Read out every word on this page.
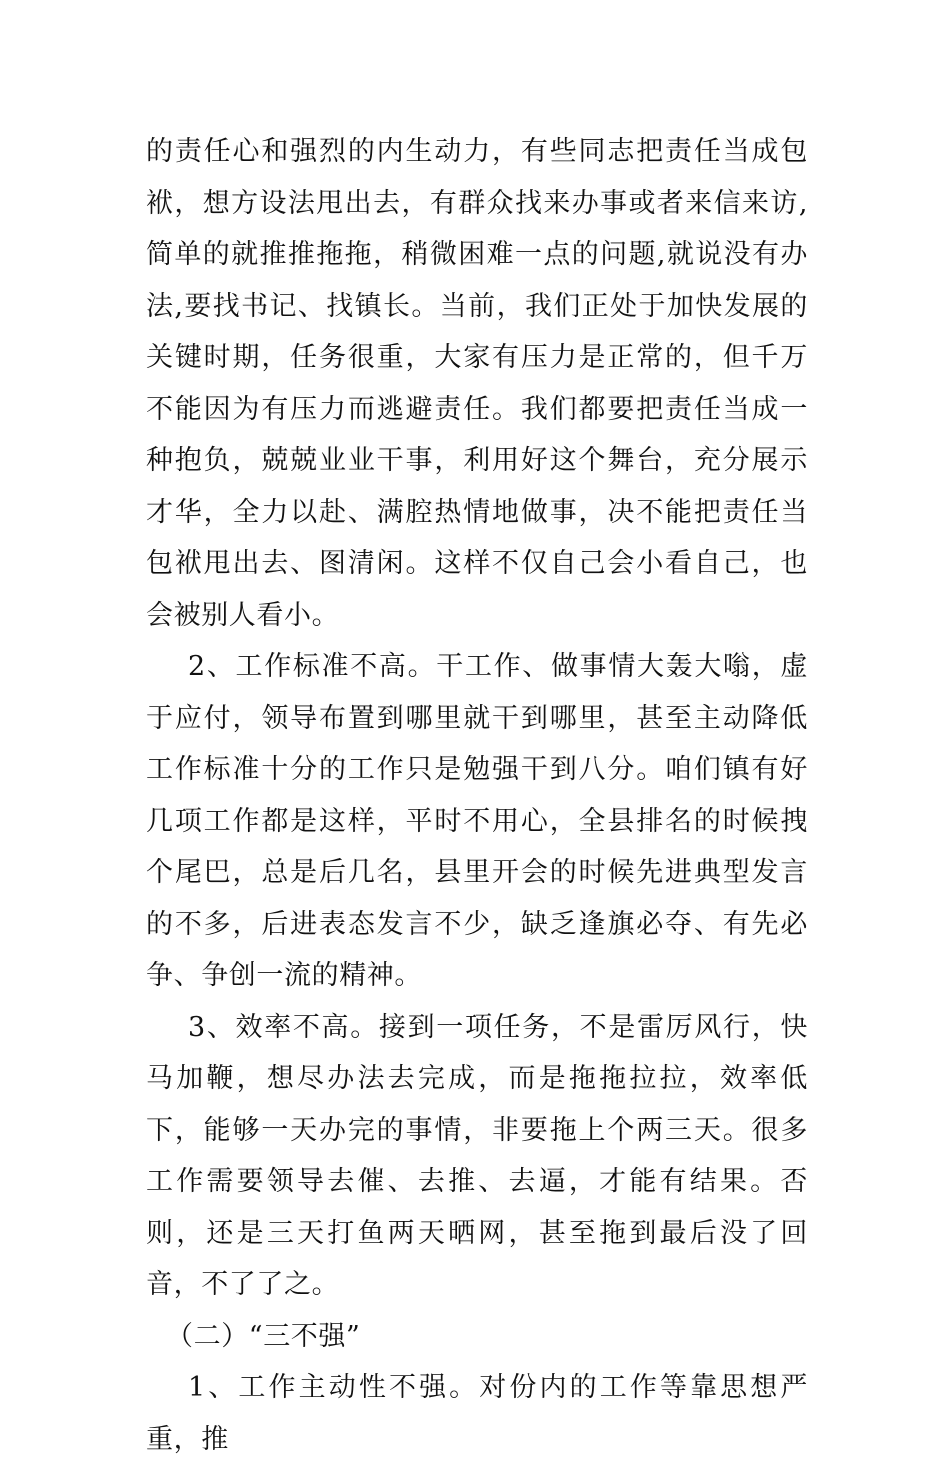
的责任心和强烈的内生动力，有些同志把责任当成包袱，想方设法甩出去，有群众找来办事或者来信来访,简单的就推推拖拖，稍微困难一点的问题,就说没有办法,要找书记、找镇长。当前，我们正处于加快发展的关键时期，任务很重，大家有压力是正常的，但千万不能因为有压力而逃避责任。我们都要把责任当成一种抱负，兢兢业业干事，利用好这个舞台，充分展示才华，全力以赴、满腔热情地做事，决不能把责任当包袱甩出去、图清闲。这样不仅自己会小看自己，也会被别人看小。

2、工作标准不高。干工作、做事情大轰大嗡，虚于应付，领导布置到哪里就干到哪里，甚至主动降低工作标准十分的工作只是勉强干到八分。咱们镇有好几项工作都是这样，平时不用心，全县排名的时候拽个尾巴，总是后几名，县里开会的时候先进典型发言的不多，后进表态发言不少，缺乏逢旗必夺、有先必争、争创一流的精神。

3、效率不高。接到一项任务，不是雷厉风行，快马加鞭，想尽办法去完成，而是拖拖拉拉，效率低下，能够一天办完的事情，非要拖上个两三天。很多工作需要领导去催、去推、去逼，才能有结果。否则，还是三天打鱼两天晒网，甚至拖到最后没了回音，不了了之。

（二）“三不强”

1、工作主动性不强。对份内的工作等靠思想严重，推
